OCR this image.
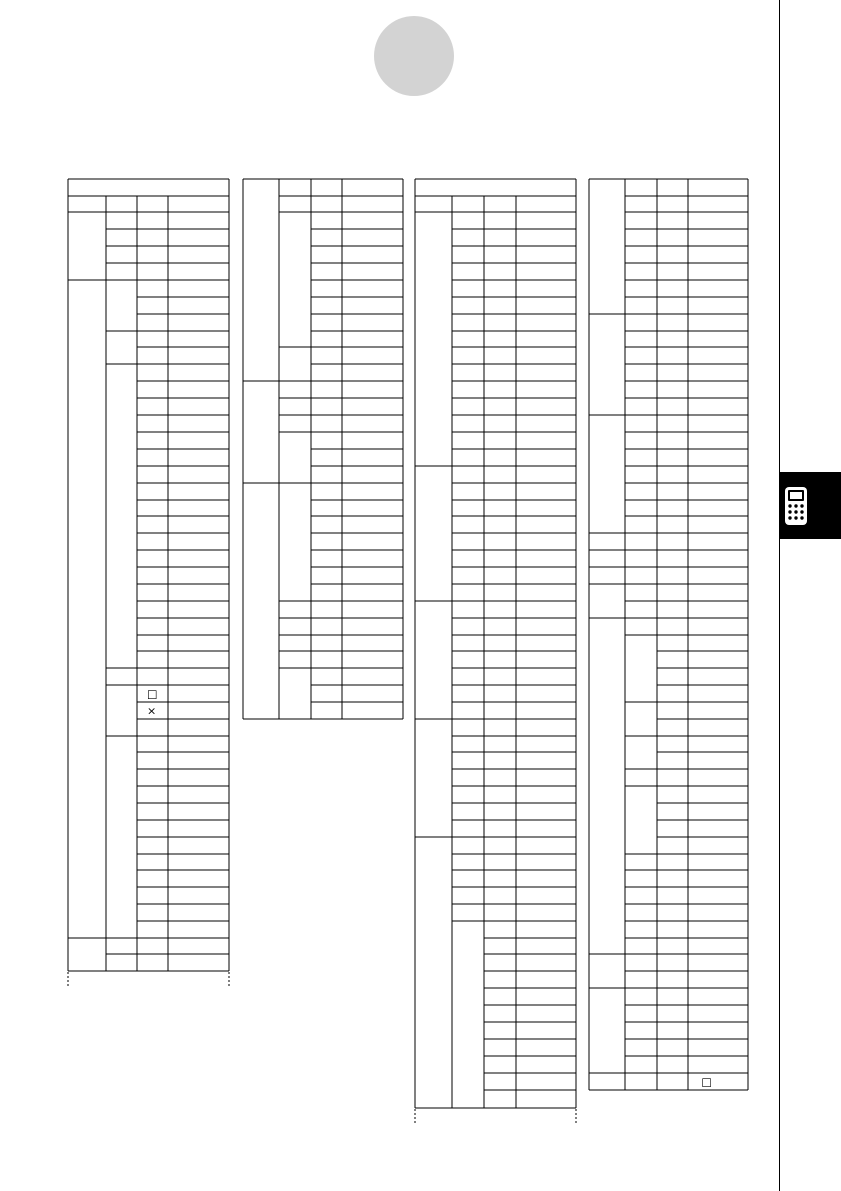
□
×
□
